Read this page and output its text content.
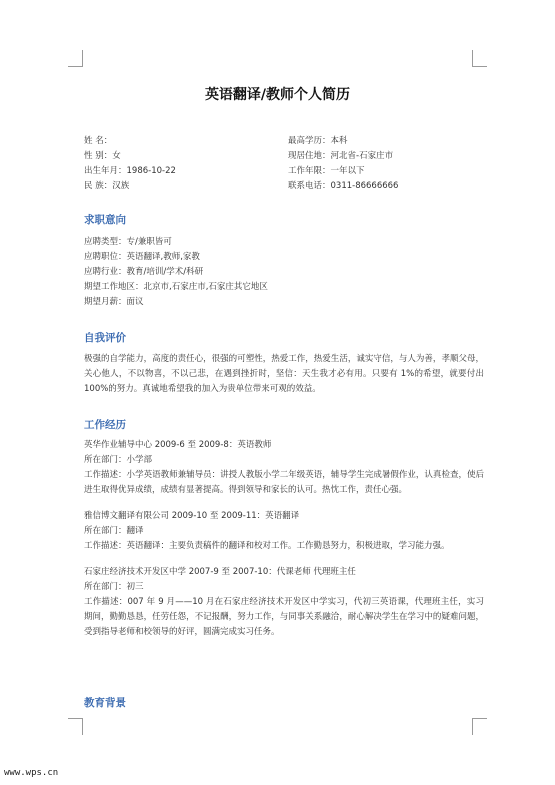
英语翻译/教师个人简历
姓 名：	最高学历：本科
性 别：女	现居住地：河北省-石家庄市
出生年月：1986-10-22	工作年限：一年以下
民 族：汉族	联系电话：0311-86666666
求职意向
应聘类型：专/兼职皆可
应聘职位：英语翻译,教师,家教
应聘行业：教育/培训/学术/科研
期望工作地区：北京市,石家庄市,石家庄其它地区
期望月薪：面议
自我评价
极强的自学能力，高度的责任心，很强的可塑性，热爱工作，热爱生活，诚实守信，与人为善，孝顺父母，关心他人，不以物喜，不以己悲，在遇到挫折时，坚信：天生我才必有用。只要有 1%的希望，就要付出 100%的努力。真诚地希望我的加入为贵单位带来可观的效益。
工作经历
英华作业辅导中心 2009-6 至 2009-8：英语教师
所在部门：小学部
工作描述：小学英语教师兼辅导员：讲授人教版小学二年级英语，辅导学生完成暑假作业，认真检查，使后进生取得优异成绩，成绩有显著提高。得到领导和家长的认可。热忱工作，责任心强。
雅信博文翻译有限公司 2009-10 至 2009-11：英语翻译
所在部门：翻译
工作描述：英语翻译：主要负责稿件的翻译和校对工作。工作勤恳努力，积极进取，学习能力强。
石家庄经济技术开发区中学 2007-9 至 2007-10：代课老师 代理班主任
所在部门：初三
工作描述：007 年 9 月——10 月在石家庄经济技术开发区中学实习，代初三英语课，代理班主任，实习期间，勤勤恳恳，任劳任怨，不记报酬，努力工作，与同事关系融洽，耐心解决学生在学习中的疑难问题，受到指导老师和校领导的好评，圆满完成实习任务。
教育背景
www.wps.cn
